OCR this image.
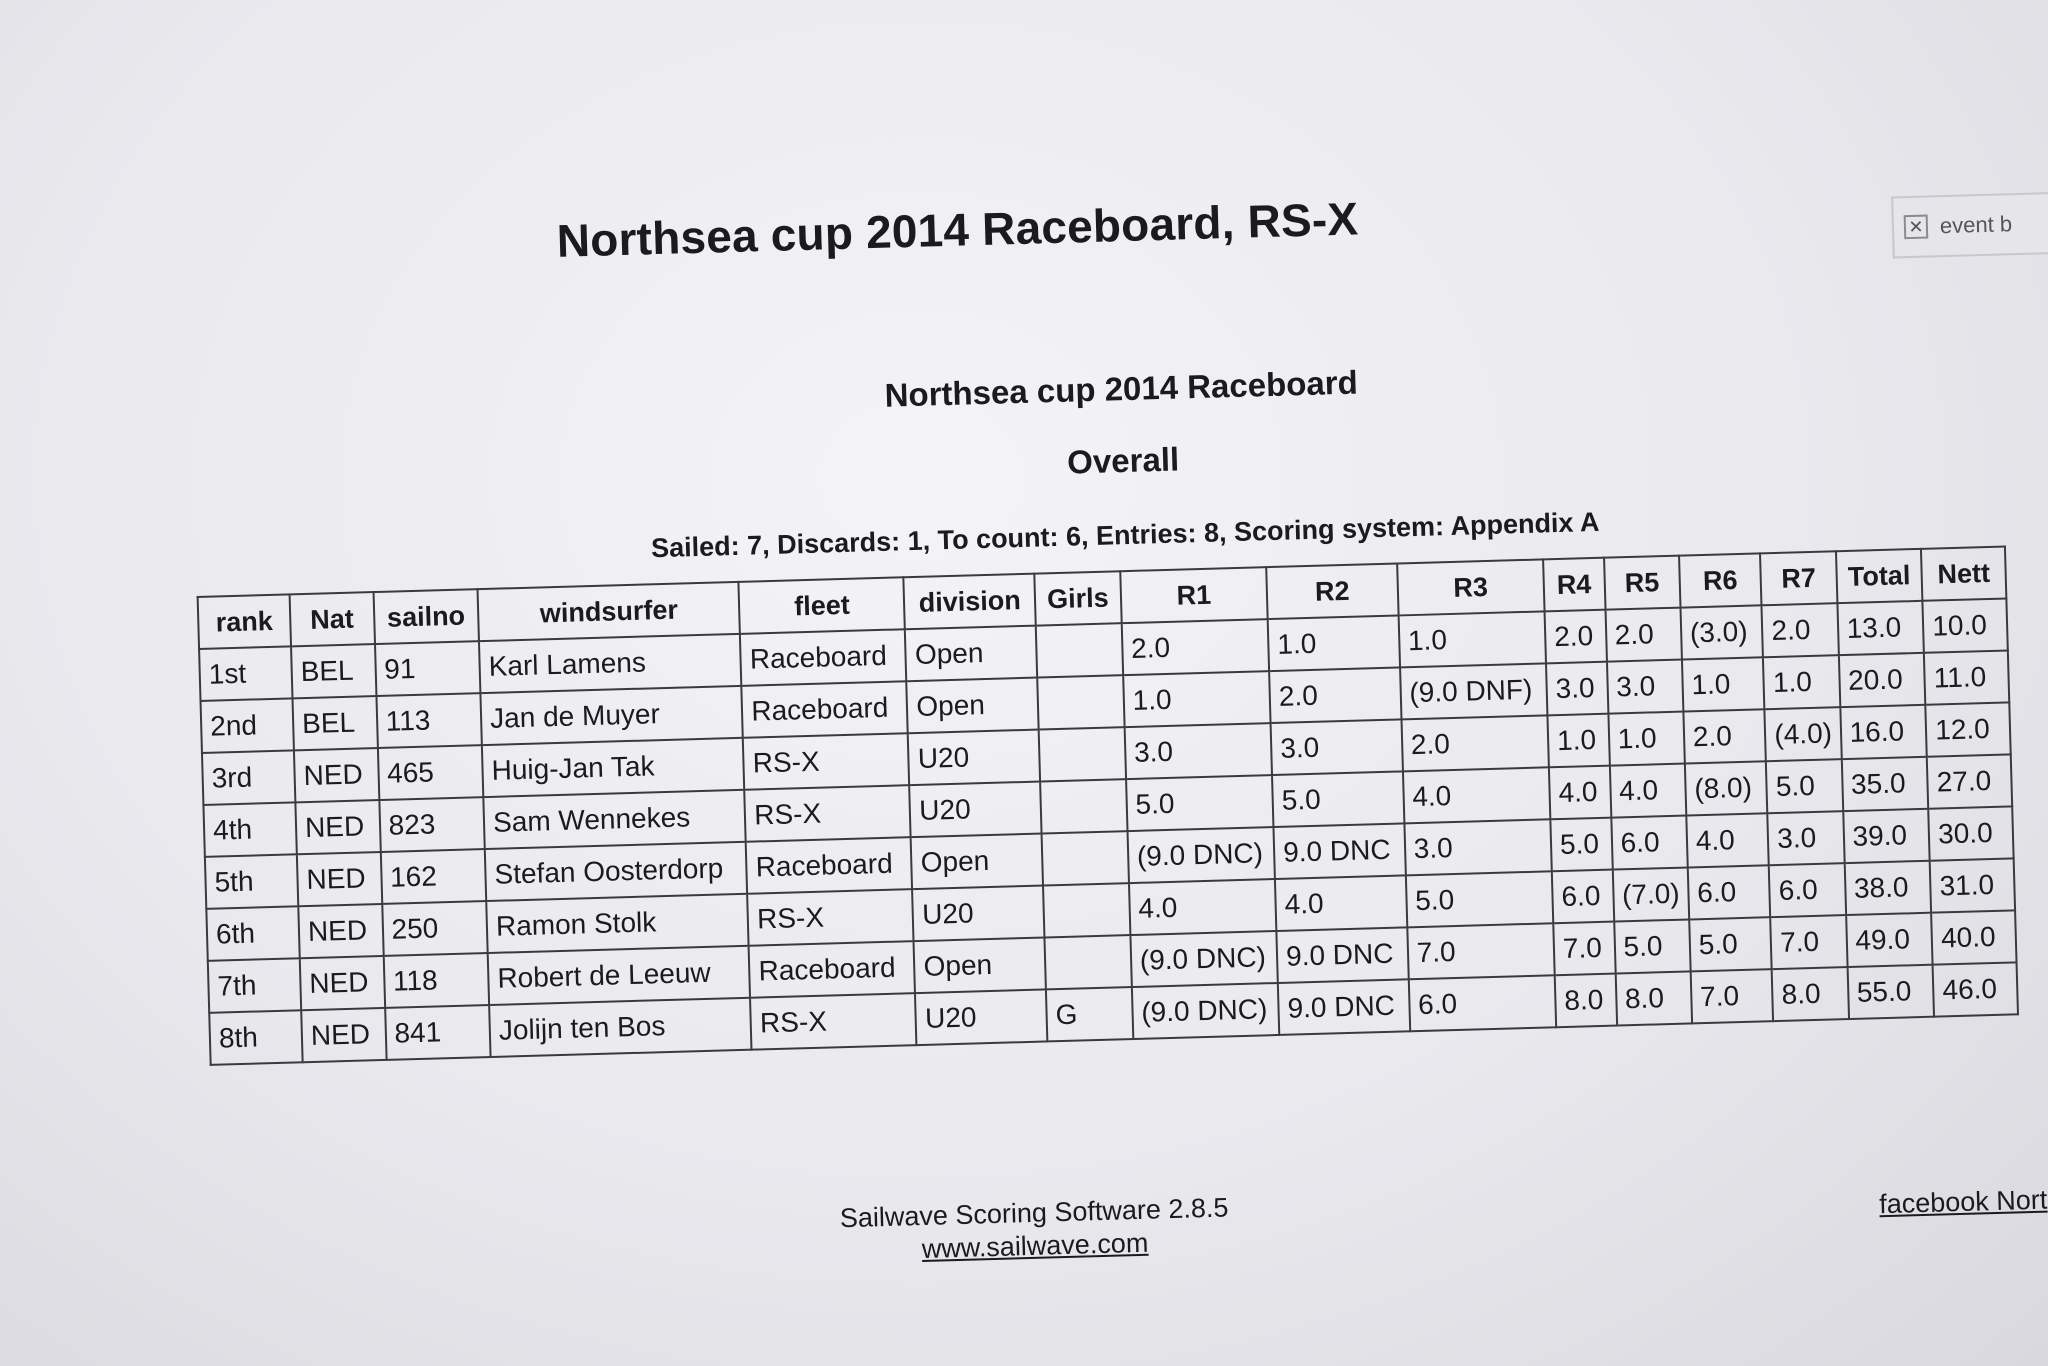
Northsea cup 2014 Raceboard, RS-X	✕ event b
Northsea cup 2014 Raceboard
Overall
Sailed: 7, Discards: 1, To count: 6, Entries: 8, Scoring system: Appendix A
rank	Nat	sailno	windsurfer	fleet	division	Girls	R1	R2	R3	R4	R5	R6	R7	Total	Nett
1st	BEL	91	Karl Lamens	Raceboard	Open		2.0	1.0	1.0	2.0	2.0	(3.0)	2.0	13.0	10.0
2nd	BEL	113	Jan de Muyer	Raceboard	Open		1.0	2.0	(9.0 DNF)	3.0	3.0	1.0	1.0	20.0	11.0
3rd	NED	465	Huig-Jan Tak	RS-X	U20		3.0	3.0	2.0	1.0	1.0	2.0	(4.0)	16.0	12.0
4th	NED	823	Sam Wennekes	RS-X	U20		5.0	5.0	4.0	4.0	4.0	(8.0)	5.0	35.0	27.0
5th	NED	162	Stefan Oosterdorp	Raceboard	Open		(9.0 DNC)	9.0 DNC	3.0	5.0	6.0	4.0	3.0	39.0	30.0
6th	NED	250	Ramon Stolk	RS-X	U20		4.0	4.0	5.0	6.0	(7.0)	6.0	6.0	38.0	31.0
7th	NED	118	Robert de Leeuw	Raceboard	Open		(9.0 DNC)	9.0 DNC	7.0	7.0	5.0	5.0	7.0	49.0	40.0
8th	NED	841	Jolijn ten Bos	RS-X	U20	G	(9.0 DNC)	9.0 DNC	6.0	8.0	8.0	7.0	8.0	55.0	46.0
Sailwave Scoring Software 2.8.5
www.sailwave.com
facebook Nort
